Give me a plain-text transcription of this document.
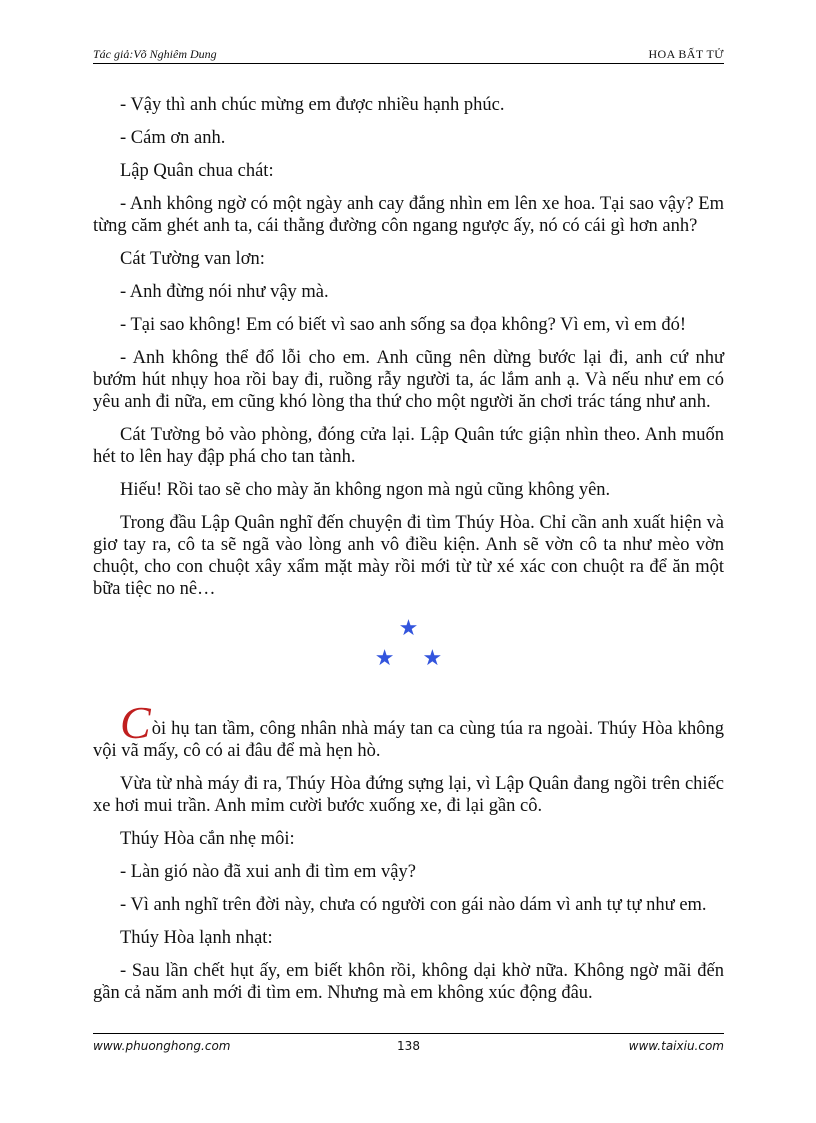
Tác giả:Võ Nghiêm Dung	HOA BẤT TỬ

- Vậy thì anh chúc mừng em được nhiều hạnh phúc.

- Cám ơn anh.

Lập Quân chua chát:

- Anh không ngờ có một ngày anh cay đắng nhìn em lên xe hoa. Tại sao vậy? Em từng căm ghét anh ta, cái thằng đường côn ngang ngược ấy, nó có cái gì hơn anh?

Cát Tường van lơn:

- Anh đừng nói như vậy mà.

- Tại sao không! Em có biết vì sao anh sống sa đọa không? Vì em, vì em đó!

- Anh không thể đổ lỗi cho em. Anh cũng nên dừng bước lại đi, anh cứ như bướm hút nhụy hoa rồi bay đi, ruồng rẫy người ta, ác lắm anh ạ. Và nếu như em có yêu anh đi nữa, em cũng khó lòng tha thứ cho một người ăn chơi trác táng như anh.

Cát Tường bỏ vào phòng, đóng cửa lại. Lập Quân tức giận nhìn theo. Anh muốn hét to lên hay đập phá cho tan tành.

Hiếu! Rồi tao sẽ cho mày ăn không ngon mà ngủ cũng không yên.

Trong đầu Lập Quân nghĩ đến chuyện đi tìm Thúy Hòa. Chỉ cần anh xuất hiện và giơ tay ra, cô ta sẽ ngã vào lòng anh vô điều kiện. Anh sẽ vờn cô ta như mèo vờn chuột, cho con chuột xây xẩm mặt mày rồi mới từ từ xé xác con chuột ra để ăn một bữa tiệc no nê…

★
★ ★

Còi hụ tan tầm, công nhân nhà máy tan ca cùng túa ra ngoài. Thúy Hòa không vội vã mấy, cô có ai đâu để mà hẹn hò.

Vừa từ nhà máy đi ra, Thúy Hòa đứng sựng lại, vì Lập Quân đang ngồi trên chiếc xe hơi mui trần. Anh mỉm cười bước xuống xe, đi lại gần cô.

Thúy Hòa cắn nhẹ môi:

- Làn gió nào đã xui anh đi tìm em vậy?

- Vì anh nghĩ trên đời này, chưa có người con gái nào dám vì anh tự tự như em.

Thúy Hòa lạnh nhạt:

- Sau lần chết hụt ấy, em biết khôn rồi, không dại khờ nữa. Không ngờ mãi đến gần cả năm anh mới đi tìm em. Nhưng mà em không xúc động đâu.

www.phuonghong.com	138	www.taixiu.com
